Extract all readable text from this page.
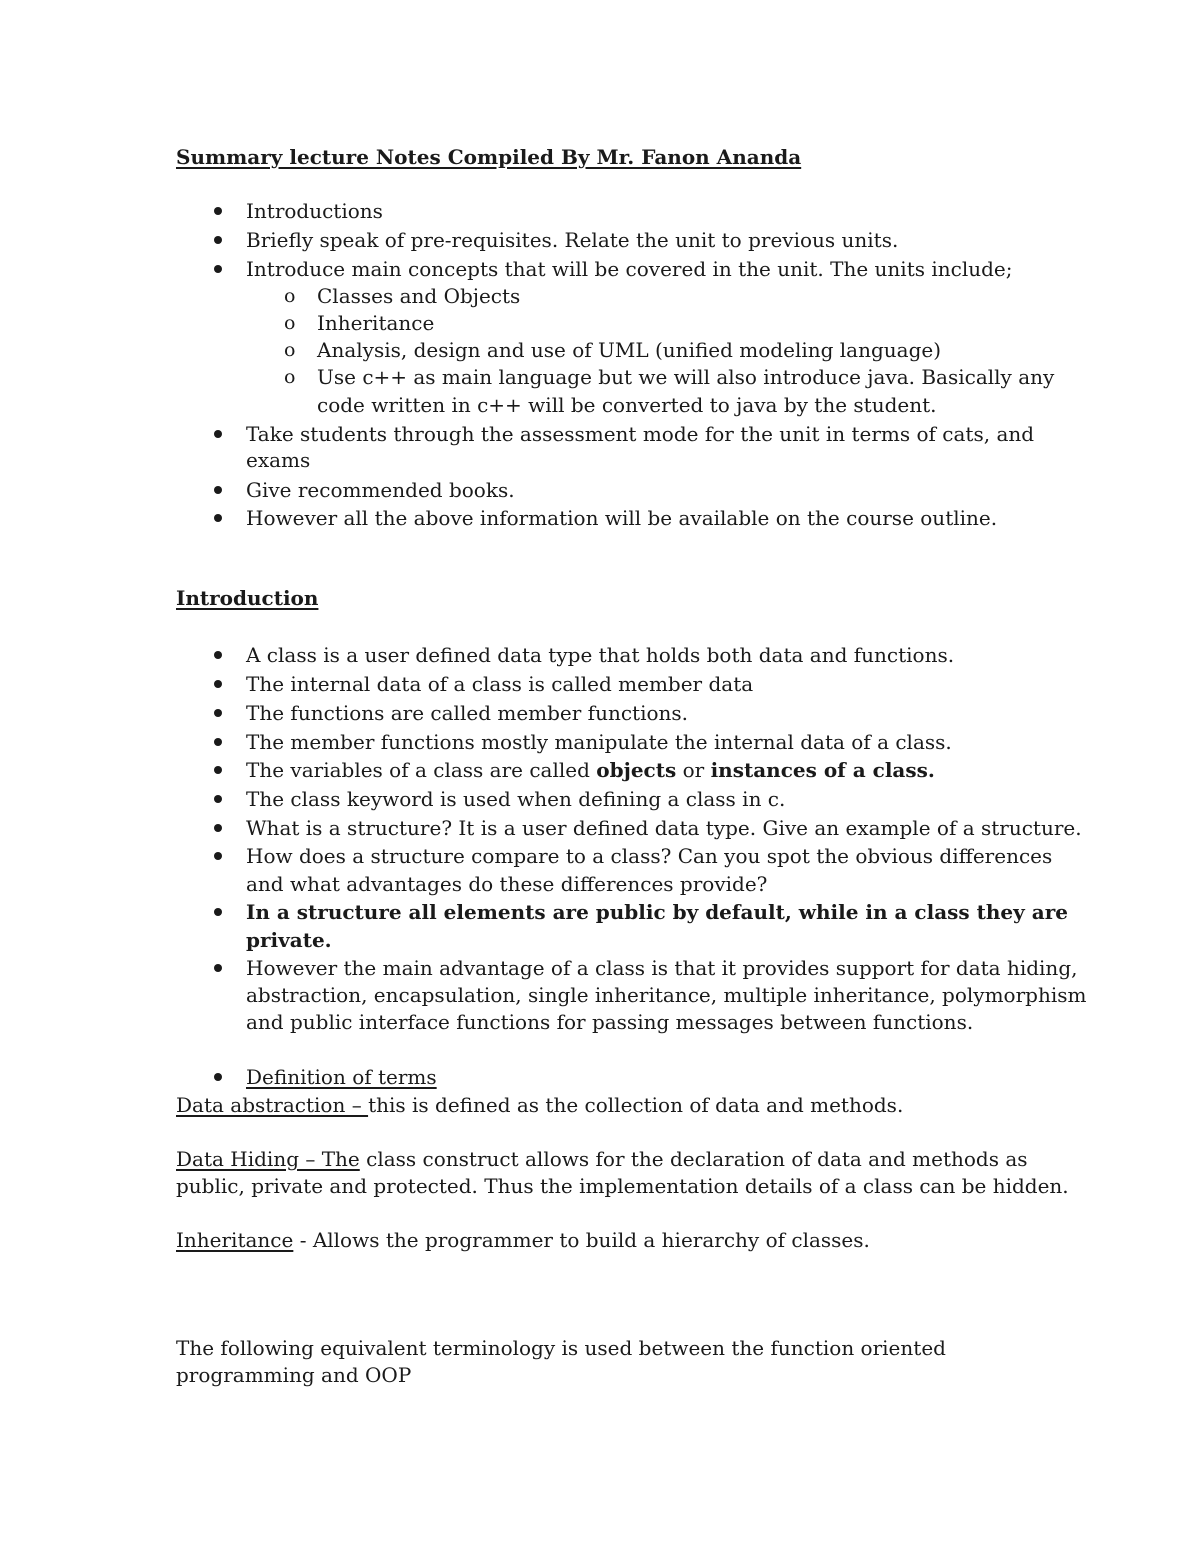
Summary lecture Notes Compiled By Mr. Fanon Ananda
Introductions
Briefly speak of pre-requisites. Relate the unit to previous units.
Introduce main concepts that will be covered in the unit. The units include;
o Classes and Objects
o Inheritance
o Analysis, design and use of UML (unified modeling language)
o Use c++ as main language but we will also introduce java. Basically any
code written in c++ will be converted to java by the student.
Take students through the assessment mode for the unit in terms of cats, and
exams
Give recommended books.
However all the above information will be available on the course outline.
Introduction
A class is a user defined data type that holds both data and functions.
The internal data of a class is called member data
The functions are called member functions.
The member functions mostly manipulate the internal data of a class.
The variables of a class are called objects or instances of a class.
The class keyword is used when defining a class in c.
What is a structure? It is a user defined data type. Give an example of a structure.
How does a structure compare to a class? Can you spot the obvious differences
and what advantages do these differences provide?
In a structure all elements are public by default, while in a class they are
private.
However the main advantage of a class is that it provides support for data hiding,
abstraction, encapsulation, single inheritance, multiple inheritance, polymorphism
and public interface functions for passing messages between functions.
Definition of terms
Data abstraction – this is defined as the collection of data and methods.
Data Hiding – The class construct allows for the declaration of data and methods as
public, private and protected. Thus the implementation details of a class can be hidden.
Inheritance - Allows the programmer to build a hierarchy of classes.
The following equivalent terminology is used between the function oriented
programming and OOP
